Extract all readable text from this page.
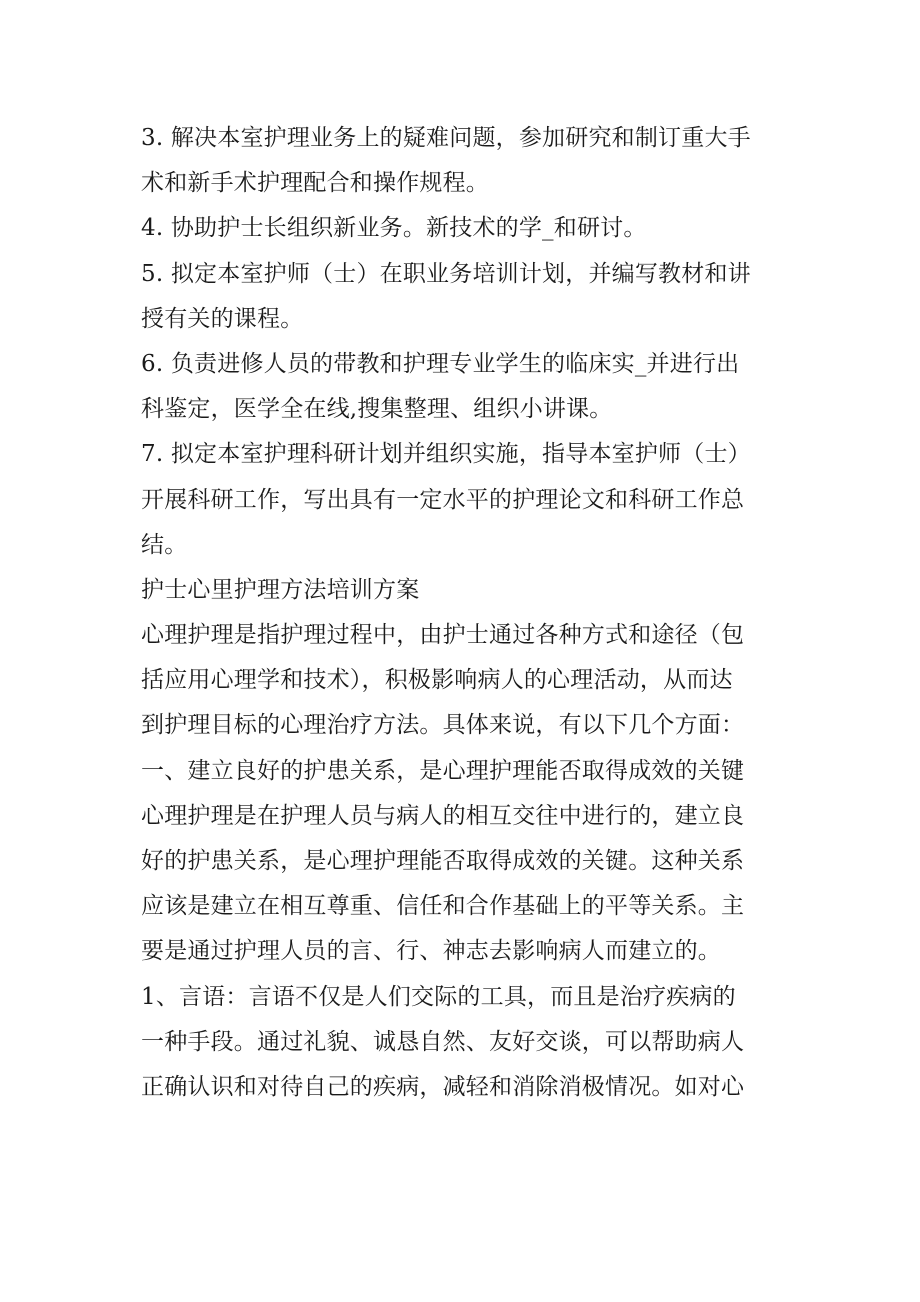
3. 解决本室护理业务上的疑难问题，参加研究和制订重大手
术和新手术护理配合和操作规程。
4. 协助护士长组织新业务。新技术的学_和研讨。
5. 拟定本室护师（士）在职业务培训计划，并编写教材和讲
授有关的课程。
6. 负责进修人员的带教和护理专业学生的临床实_并进行出
科鉴定，医学全在线,搜集整理、组织小讲课。
7. 拟定本室护理科研计划并组织实施，指导本室护师（士）
开展科研工作，写出具有一定水平的护理论文和科研工作总
结。
护士心里护理方法培训方案
心理护理是指护理过程中，由护士通过各种方式和途径（包
括应用心理学和技术），积极影响病人的心理活动，从而达
到护理目标的心理治疗方法。具体来说，有以下几个方面：
一、建立良好的护患关系，是心理护理能否取得成效的关键
心理护理是在护理人员与病人的相互交往中进行的，建立良
好的护患关系，是心理护理能否取得成效的关键。这种关系
应该是建立在相互尊重、信任和合作基础上的平等关系。主
要是通过护理人员的言、行、神志去影响病人而建立的。
1、言语：言语不仅是人们交际的工具，而且是治疗疾病的
一种手段。通过礼貌、诚恳自然、友好交谈，可以帮助病人
正确认识和对待自己的疾病，减轻和消除消极情况。如对心
